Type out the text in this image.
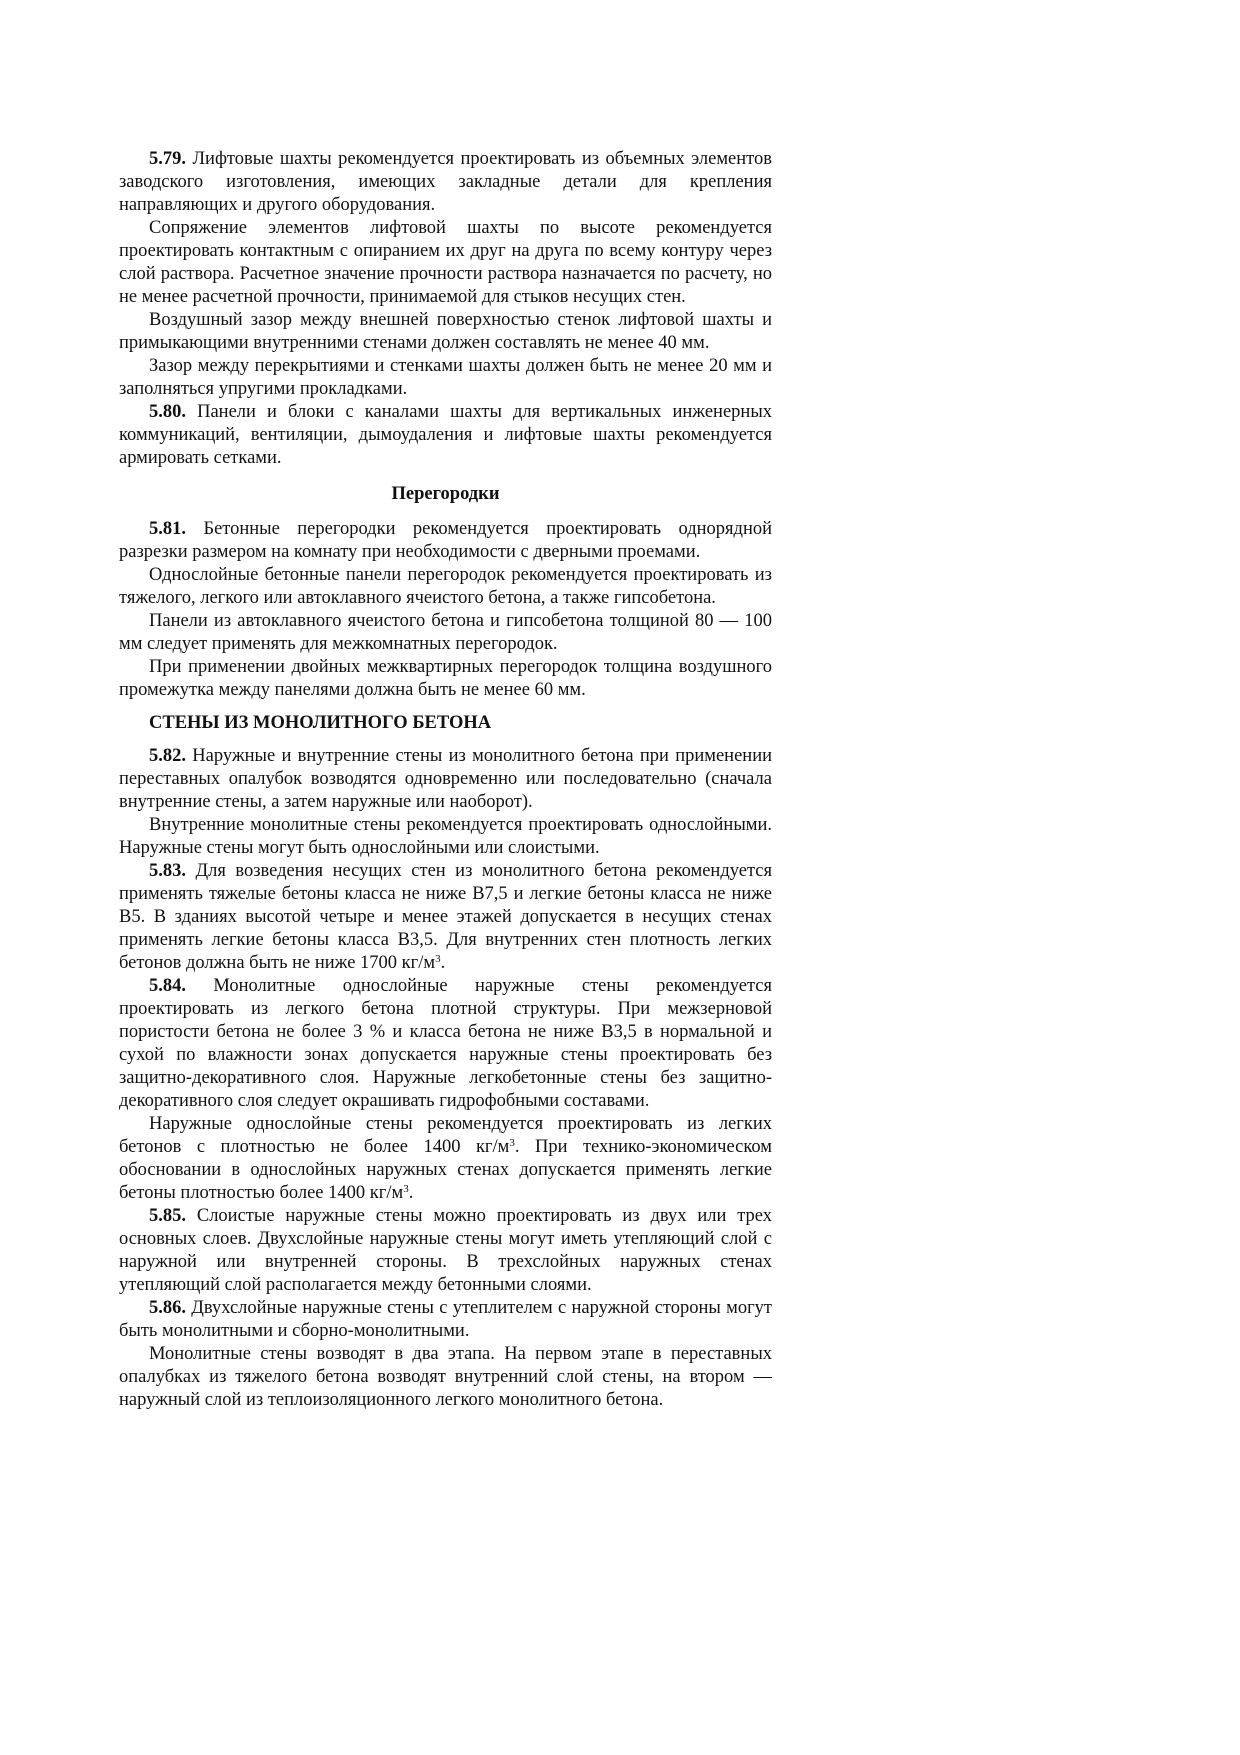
5.79. Лифтовые шахты рекомендуется проектировать из объемных элементов заводского изготовления, имеющих закладные детали для крепления направляющих и другого оборудования.

Сопряжение элементов лифтовой шахты по высоте рекомендуется проектировать контактным с опиранием их друг на друга по всему контуру через слой раствора. Расчетное значение прочности раствора назначается по расчету, но не менее расчетной прочности, принимаемой для стыков несущих стен.

Воздушный зазор между внешней поверхностью стенок лифтовой шахты и примыкающими внутренними стенами должен составлять не менее 40 мм.

Зазор между перекрытиями и стенками шахты должен быть не менее 20 мм и заполняться упругими прокладками.

5.80. Панели и блоки с каналами шахты для вертикальных инженерных коммуникаций, вентиляции, дымоудаления и лифтовые шахты рекомендуется армировать сетками.

Перегородки

5.81. Бетонные перегородки рекомендуется проектировать однорядной разрезки размером на комнату при необходимости с дверными проемами.

Однослойные бетонные панели перегородок рекомендуется проектировать из тяжелого, легкого или автоклавного ячеистого бетона, а также гипсобетона.

Панели из автоклавного ячеистого бетона и гипсобетона толщиной 80 — 100 мм следует применять для межкомнатных перегородок.

При применении двойных межквартирных перегородок толщина воздушного промежутка между панелями должна быть не менее 60 мм.

СТЕНЫ ИЗ МОНОЛИТНОГО БЕТОНА

5.82. Наружные и внутренние стены из монолитного бетона при применении переставных опалубок возводятся одновременно или последовательно (сначала внутренние стены, а затем наружные или наоборот).

Внутренние монолитные стены рекомендуется проектировать однослойными. Наружные стены могут быть однослойными или слоистыми.

5.83. Для возведения несущих стен из монолитного бетона рекомендуется применять тяжелые бетоны класса не ниже В7,5 и легкие бетоны класса не ниже В5. В зданиях высотой четыре и менее этажей допускается в несущих стенах применять легкие бетоны класса В3,5. Для внутренних стен плотность легких бетонов должна быть не ниже 1700 $кг/м^3$.

5.84. Монолитные однослойные наружные стены рекомендуется проектировать из легкого бетона плотной структуры. При межзерновой пористости бетона не более 3 % и класса бетона не ниже В3,5 в нормальной и сухой по влажности зонах допускается наружные стены проектировать без защитно-декоративного слоя. Наружные легкобетонные стены без защитно-декоративного слоя следует окрашивать гидрофобными составами.

Наружные однослойные стены рекомендуется проектировать из легких бетонов с плотностью не более 1400 $кг/м^3$. При технико-экономическом обосновании в однослойных наружных стенах допускается применять легкие бетоны плотностью более 1400 $кг/м^3$.

5.85. Слоистые наружные стены можно проектировать из двух или трех основных слоев. Двухслойные наружные стены могут иметь утепляющий слой с наружной или внутренней стороны. В трехслойных наружных стенах утепляющий слой располагается между бетонными слоями.

5.86. Двухслойные наружные стены с утеплителем с наружной стороны могут быть монолитными и сборно-монолитными.

Монолитные стены возводят в два этапа. На первом этапе в переставных опалубках из тяжелого бетона возводят внутренний слой стены, на втором — наружный слой из теплоизоляционного легкого монолитного бетона.
